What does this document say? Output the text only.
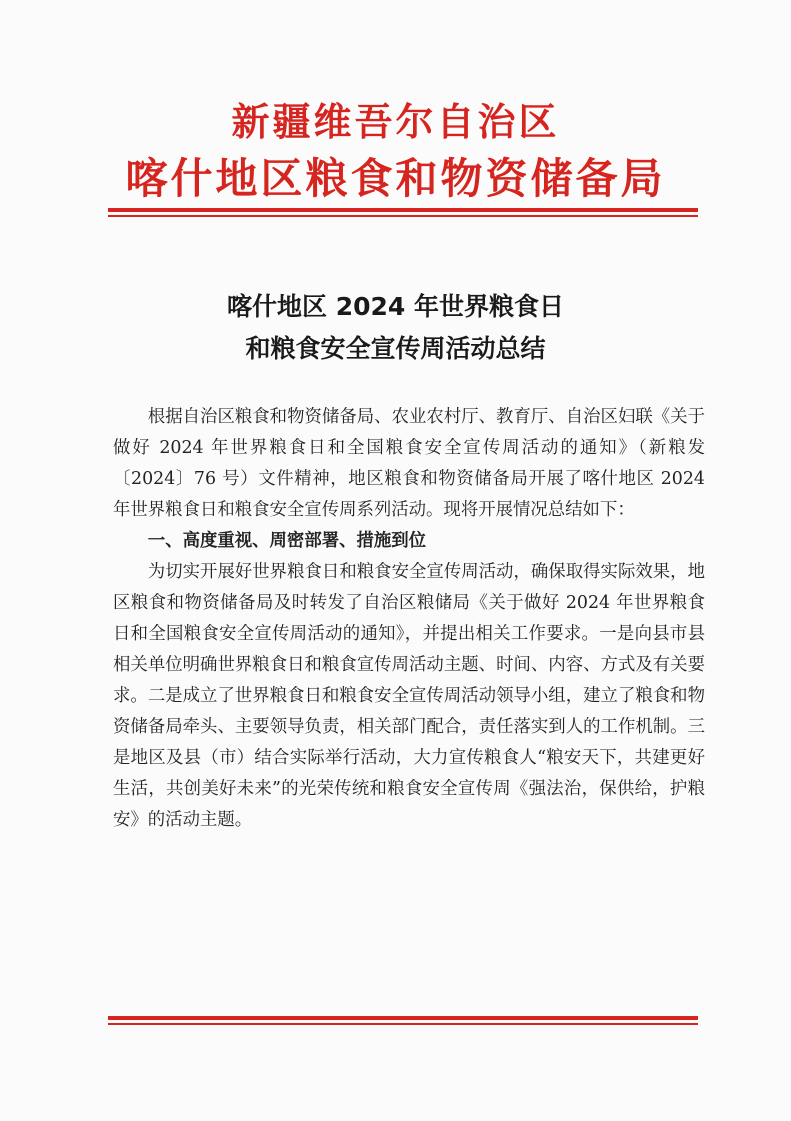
新疆维吾尔自治区
喀什地区粮食和物资储备局
喀什地区 2024 年世界粮食日
和粮食安全宣传周活动总结

根据自治区粮食和物资储备局、农业农村厅、教育厅、自治区妇联《关于做好 2024 年世界粮食日和全国粮食安全宣传周活动的通知》（新粮发〔2024〕76 号）文件精神，地区粮食和物资储备局开展了喀什地区 2024 年世界粮食日和粮食安全宣传周系列活动。现将开展情况总结如下：

一、高度重视、周密部署、措施到位

为切实开展好世界粮食日和粮食安全宣传周活动，确保取得实际效果，地区粮食和物资储备局及时转发了自治区粮储局《关于做好 2024 年世界粮食日和全国粮食安全宣传周活动的通知》，并提出相关工作要求。一是向县市县相关单位明确世界粮食日和粮食宣传周活动主题、时间、内容、方式及有关要求。二是成立了世界粮食日和粮食安全宣传周活动领导小组，建立了粮食和物资储备局牵头、主要领导负责，相关部门配合，责任落实到人的工作机制。三是地区及县（市）结合实际举行活动，大力宣传粮食人“粮安天下，共建更好生活，共创美好未来”的光荣传统和粮食安全宣传周《强法治，保供给，护粮安》的活动主题。
